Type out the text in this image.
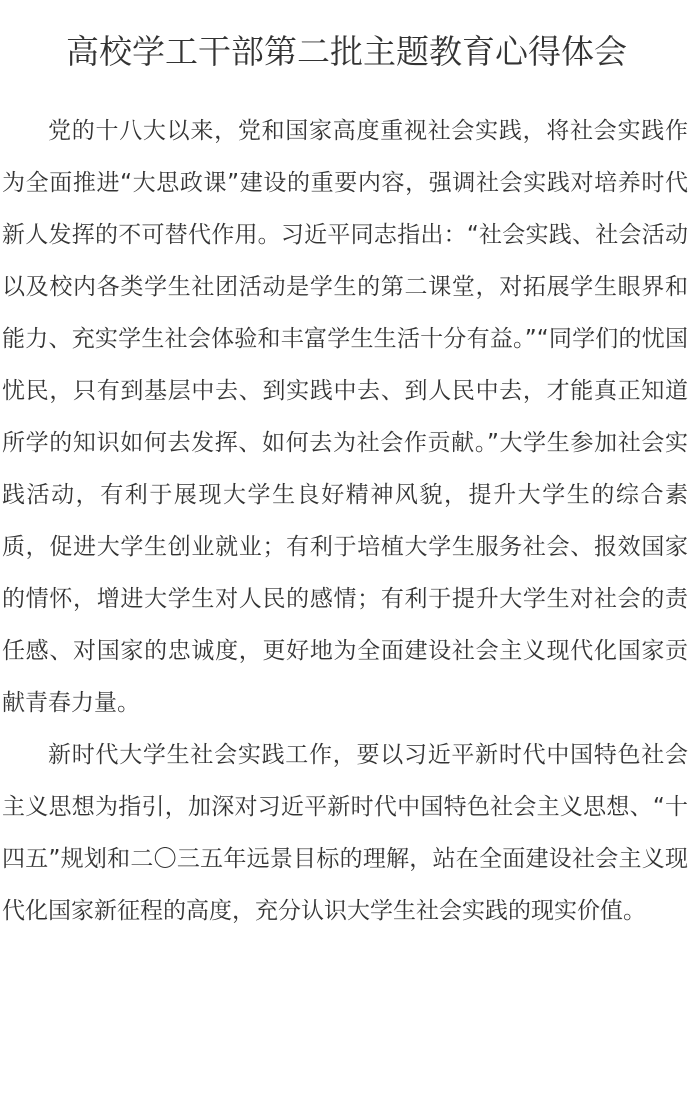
高校学工干部第二批主题教育心得体会

党的十八大以来，党和国家高度重视社会实践，将社会实践作为全面推进“大思政课”建设的重要内容，强调社会实践对培养时代新人发挥的不可替代作用。习近平同志指出：“社会实践、社会活动以及校内各类学生社团活动是学生的第二课堂，对拓展学生眼界和能力、充实学生社会体验和丰富学生生活十分有益。”“同学们的忧国忧民，只有到基层中去、到实践中去、到人民中去，才能真正知道所学的知识如何去发挥、如何去为社会作贡献。”大学生参加社会实践活动，有利于展现大学生良好精神风貌，提升大学生的综合素质，促进大学生创业就业；有利于培植大学生服务社会、报效国家的情怀，增进大学生对人民的感情；有利于提升大学生对社会的责任感、对国家的忠诚度，更好地为全面建设社会主义现代化国家贡献青春力量。

新时代大学生社会实践工作，要以习近平新时代中国特色社会主义思想为指引，加深对习近平新时代中国特色社会主义思想、“十四五”规划和二〇三五年远景目标的理解，站在全面建设社会主义现代化国家新征程的高度，充分认识大学生社会实践的现实价值。
